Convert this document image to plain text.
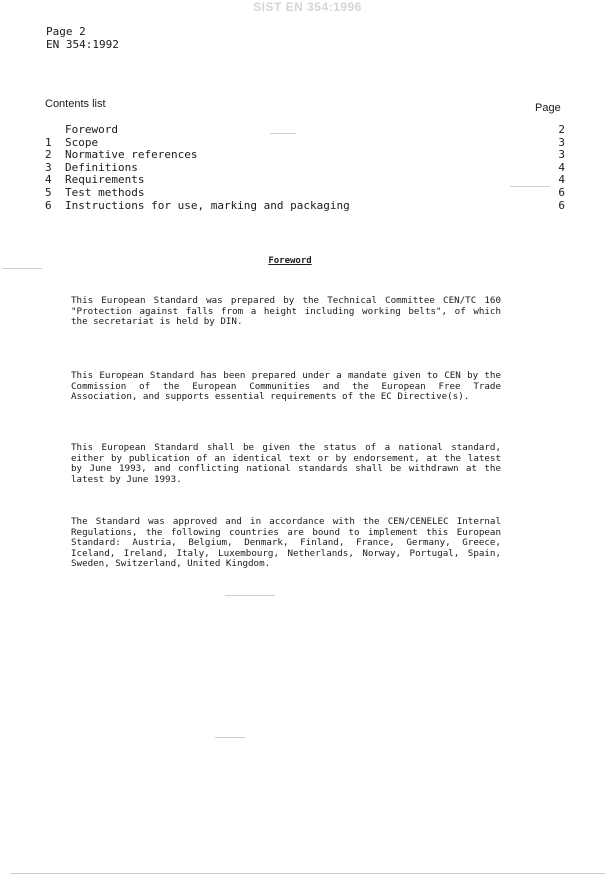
SIST EN 354:1996
Page 2
EN 354:1992
Contents list	Page
Foreword	2
1	Scope	3
2	Normative references	3
3	Definitions	4
4	Requirements	4
5	Test methods	6
6	Instructions for use, marking and packaging	6
Foreword
This European Standard was prepared by the Technical Committee CEN/TC 160 "Protection against falls from a height including working belts", of which the secretariat is held by DIN.
This European Standard has been prepared under a mandate given to CEN by the Commission of the European Communities and the European Free Trade Association, and supports essential requirements of the EC Directive(s).
This European Standard shall be given the status of a national standard, either by publication of an identical text or by endorsement, at the latest by June 1993, and conflicting national standards shall be withdrawn at the latest by June 1993.
The Standard was approved and in accordance with the CEN/CENELEC Internal Regulations, the following countries are bound to implement this European Standard: Austria, Belgium, Denmark, Finland, France, Germany, Greece, Iceland, Ireland, Italy, Luxembourg, Netherlands, Norway, Portugal, Spain, Sweden, Switzerland, United Kingdom.
